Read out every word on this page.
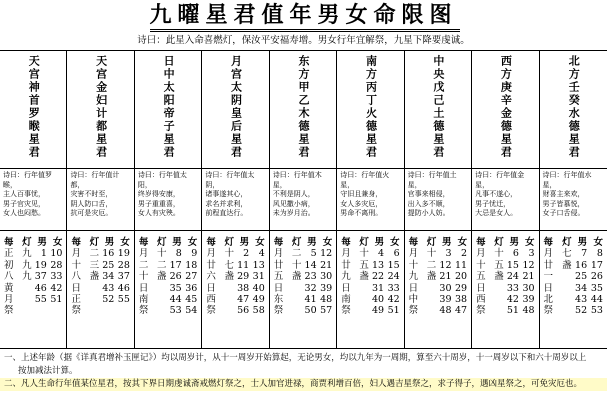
九曜星君值年男女命限图
诗曰：此星入命喜燃灯，保汝平安福寿增。男女行年宜解祭，九星下降要虔诚。
天宫神首罗睺星君
诗曰：行年值罗睺，
主人百事忧，
男子官灾见，
女人也闷愁。
每 灯 男 女
正 九 1 10
初 九 19 28
八 九 37 33
黄	46 42
月	55 51
祭
天宫金妇计都星君
诗曰：行年值计都，
灾害不时至，
阴人防口舌，
抗可是灾厄。
每 灯 男 女
月 二 16 19
十 三 25 28
八 盏 34 37
日	43 46
正	52 55
祭
日中太阳帝子星君
诗曰：行年值太阳，
终岁得安康，
男子重重喜，
女人有灾殃。
每 灯 男 女
月 十 8	9
二 二 17 18
十 盏 26 27
日	35 36
南	44 45
祭	53 54
月宫太阴皇后星君
诗曰：行年值太阴，
诸事遂其心，
求名并求利，
前程直达行。
每 灯 男 女
月 十 2	4
廿 七 11 13
六 盏 29 31
日	38 40
西	47 49
祭	56 58
东方甲乙木德星君
诗曰：行年值木星，
不利是阴人，
风见撒小病，
未为岁月治。
每 灯 男 女
月 二 5 12
廿 十 14 21
五 盏 23 30
日	32 39
东	41 48
祭	50 57
南方丙丁火德星君
诗曰：行年值火星，
守旧且兼身，
女人多灾厄，
男命不离刑。
每 灯 男 女
月 十 4	6
廿 五 13 15
九 盏 22 24
日	31 33
南	40 42
祭	49 51
中央戊己土德星君
诗曰：行年值土星，
官事来相侵，
出入多不顺，
提防小人妨。
每 灯 男 女
月 十 3	2
十 二 12 11
九 盏 21 20
日	30 29
中	39 38
祭	48 47
西方庚辛金德星君
诗曰：行年值金星，
凡事不遂心，
男子忧迁，
大忌是女人。
每 灯 男 女
月 十 6	3
十 五 15 12
五 盏 24 21
日	33 30
西	42 39
祭	51 48
北方壬癸水德星君
诗曰：行年值水星，
财喜主来欢，
男子皆慕悦，
女子口舌侵。
每 灯 男 女
月 七	7	8
廿 盏 16 17
一	25 26
日	34 35
北	43 44
祭	52 53
一、上述年龄（据《详真君增补玉匣记》）均以周岁计，从十一周岁开始算起，无论男女，均以九年为一周期，算至六十周岁，十一周岁以下和六十周岁以上
按加减法计算。
二、凡人生命行年值某位星君，按其下界日期虔诚斋戒燃灯祭之，士人加官进禄，商贾利增百倍，妇人遇吉星祭之，求子得子，遇凶星祭之，可免灾厄也。
